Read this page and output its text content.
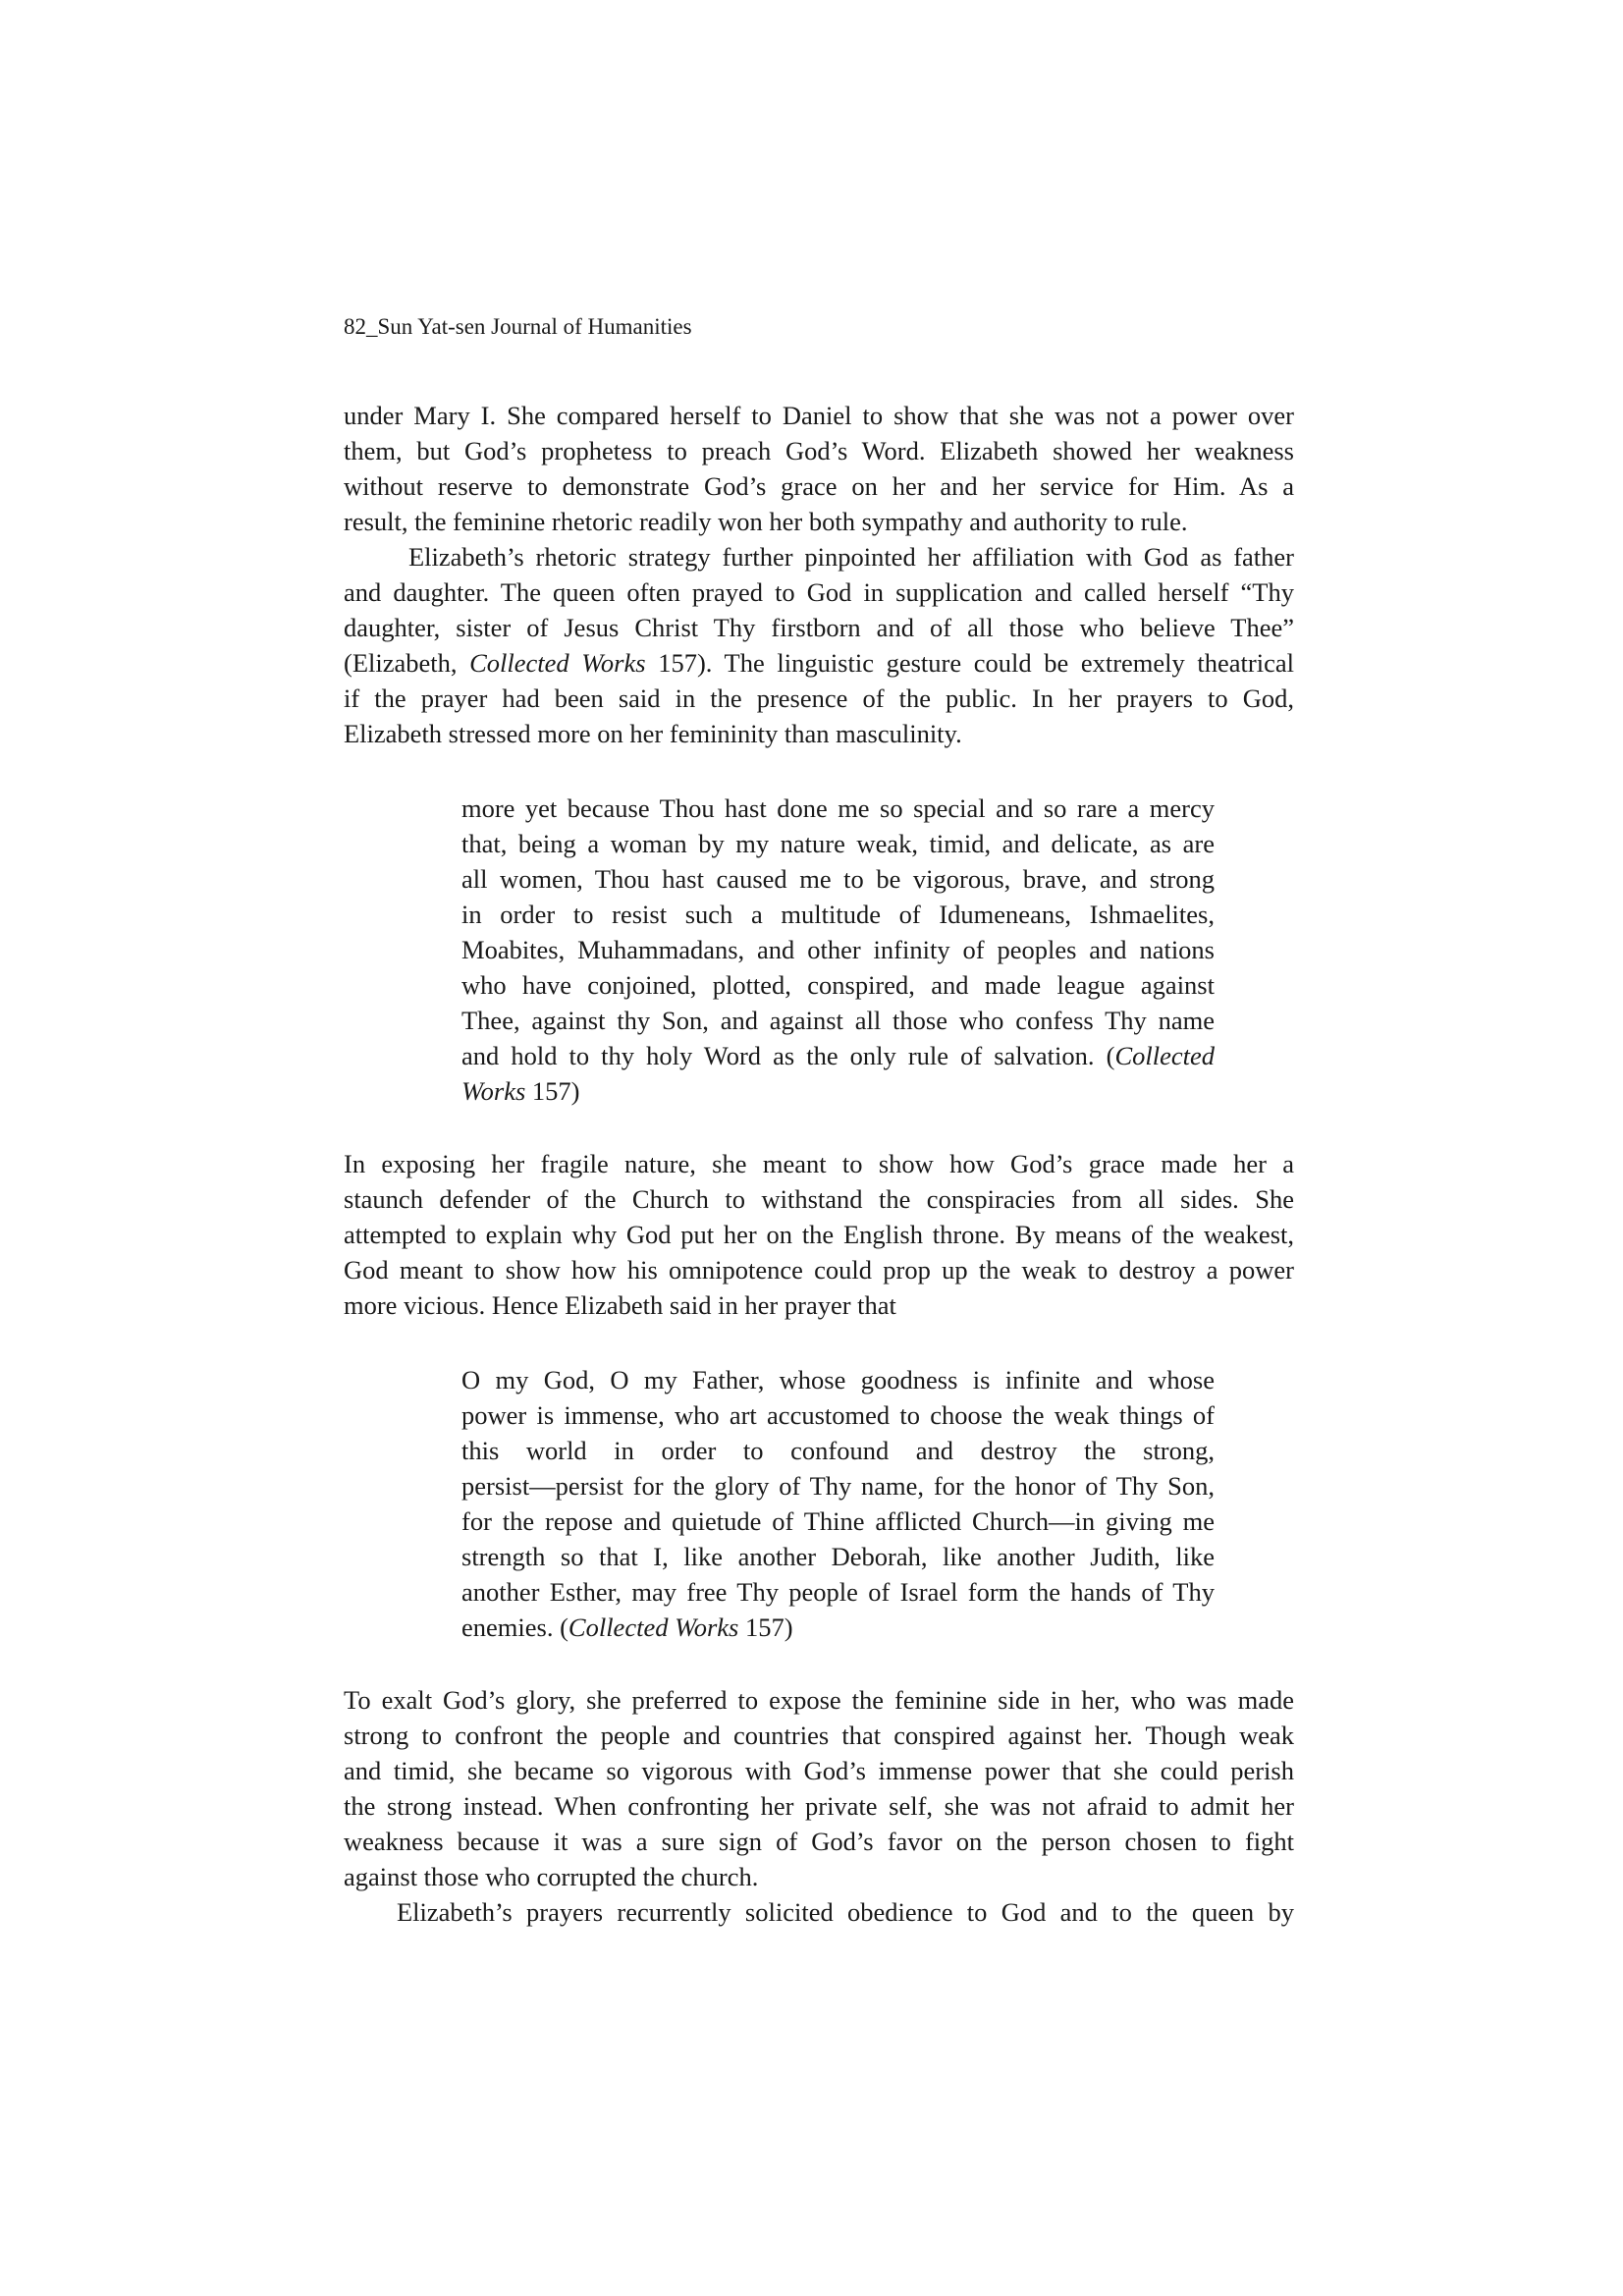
82_Sun Yat-sen Journal of Humanities
under Mary I. She compared herself to Daniel to show that she was not a power over
them, but God’s prophetess to preach God’s Word. Elizabeth showed her weakness
without reserve to demonstrate God’s grace on her and her service for Him. As a
result, the feminine rhetoric readily won her both sympathy and authority to rule.
Elizabeth’s rhetoric strategy further pinpointed her affiliation with God as father
and daughter. The queen often prayed to God in supplication and called herself “Thy
daughter, sister of Jesus Christ Thy firstborn and of all those who believe Thee”
(Elizabeth, Collected Works 157). The linguistic gesture could be extremely theatrical
if the prayer had been said in the presence of the public. In her prayers to God,
Elizabeth stressed more on her femininity than masculinity.
more yet because Thou hast done me so special and so rare a mercy
that, being a woman by my nature weak, timid, and delicate, as are
all women, Thou hast caused me to be vigorous, brave, and strong
in order to resist such a multitude of Idumeneans, Ishmaelites,
Moabites, Muhammadans, and other infinity of peoples and nations
who have conjoined, plotted, conspired, and made league against
Thee, against thy Son, and against all those who confess Thy name
and hold to thy holy Word as the only rule of salvation. (Collected
Works 157)
In exposing her fragile nature, she meant to show how God’s grace made her a
staunch defender of the Church to withstand the conspiracies from all sides. She
attempted to explain why God put her on the English throne. By means of the weakest,
God meant to show how his omnipotence could prop up the weak to destroy a power
more vicious. Hence Elizabeth said in her prayer that
O my God, O my Father, whose goodness is infinite and whose
power is immense, who art accustomed to choose the weak things of
this world in order to confound and destroy the strong,
persist—persist for the glory of Thy name, for the honor of Thy Son,
for the repose and quietude of Thine afflicted Church—in giving me
strength so that I, like another Deborah, like another Judith, like
another Esther, may free Thy people of Israel form the hands of Thy
enemies. (Collected Works 157)
To exalt God’s glory, she preferred to expose the feminine side in her, who was made
strong to confront the people and countries that conspired against her. Though weak
and timid, she became so vigorous with God’s immense power that she could perish
the strong instead. When confronting her private self, she was not afraid to admit her
weakness because it was a sure sign of God’s favor on the person chosen to fight
against those who corrupted the church.
Elizabeth’s prayers recurrently solicited obedience to God and to the queen by
